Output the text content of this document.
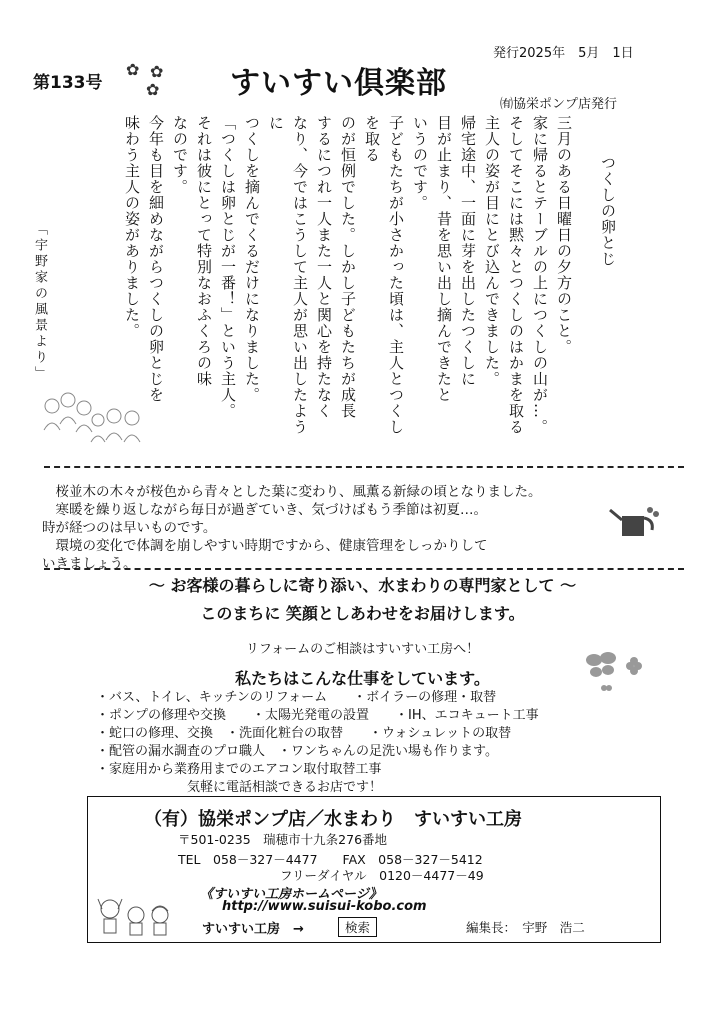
第133号
✿ ✿
✿ すいすい倶楽部
発行2025年　5月　1日
㈲協栄ポンプ店発行
「宇野家の風景より」
つくしの卵とじ

三月のある日曜日の夕方のこと。

家に帰るとテーブルの上につくしの山が…。

そしてそこには黙々とつくしのはかまを取る

主人の姿が目にとび込んできました。

帰宅途中、一面に芽を出したつくしに

目が止まり、昔を思い出し摘んできたと

いうのです。

子どもたちが小さかった頃は、主人とつくしを取る

のが恒例でした。しかし子どもたちが成長

するにつれ一人また一人と関心を持たなく

なり、今ではこうして主人が思い出したように

つくしを摘んでくるだけになりました。

「つくしは卵とじが一番！」という主人。

それは彼にとって特別なおふくろの味

なのです。

今年も目を細めながらつくしの卵とじを

味わう主人の姿がありました。

　桜並木の木々が桜色から青々とした葉に変わり、風薫る新緑の頃となりました。
　寒暖を繰り返しながら毎日が過ぎていき、気づけばもう季節は初夏…。
時が経つのは早いものです。
　環境の変化で体調を崩しやすい時期ですから、健康管理をしっかりして
いきましょう。
～ お客様の暮らしに寄り添い、水まわりの専門家として ～
このまちに 笑顔としあわせをお届けします。
リフォームのご相談はすいすい工房へ！
私たちはこんな仕事をしています。
・バス、トイレ、キッチンのリフォーム　　・ボイラーの修理・取替
・ポンプの修理や交換　　・太陽光発電の設置　　・IH、エコキュート工事
・蛇口の修理、交換　・洗面化粧台の取替　　・ウォシュレットの取替
・配管の漏水調査のプロ職人　・ワンちゃんの足洗い場も作ります。
・家庭用から業務用までのエアコン取付取替工事
　　　　　　　気軽に電話相談できるお店です！
（有）協栄ポンプ店／水まわり　すいすい工房
〒501-0235　瑞穂市十九条276番地
TEL　058－327－4477　　FAX　058－327－5412
フリーダイヤル　0120－4477－49
《すいすい工房ホームページ》
http://www.suisui-kobo.com
すいすい工房　→	検索	編集長：　宇野　浩二
